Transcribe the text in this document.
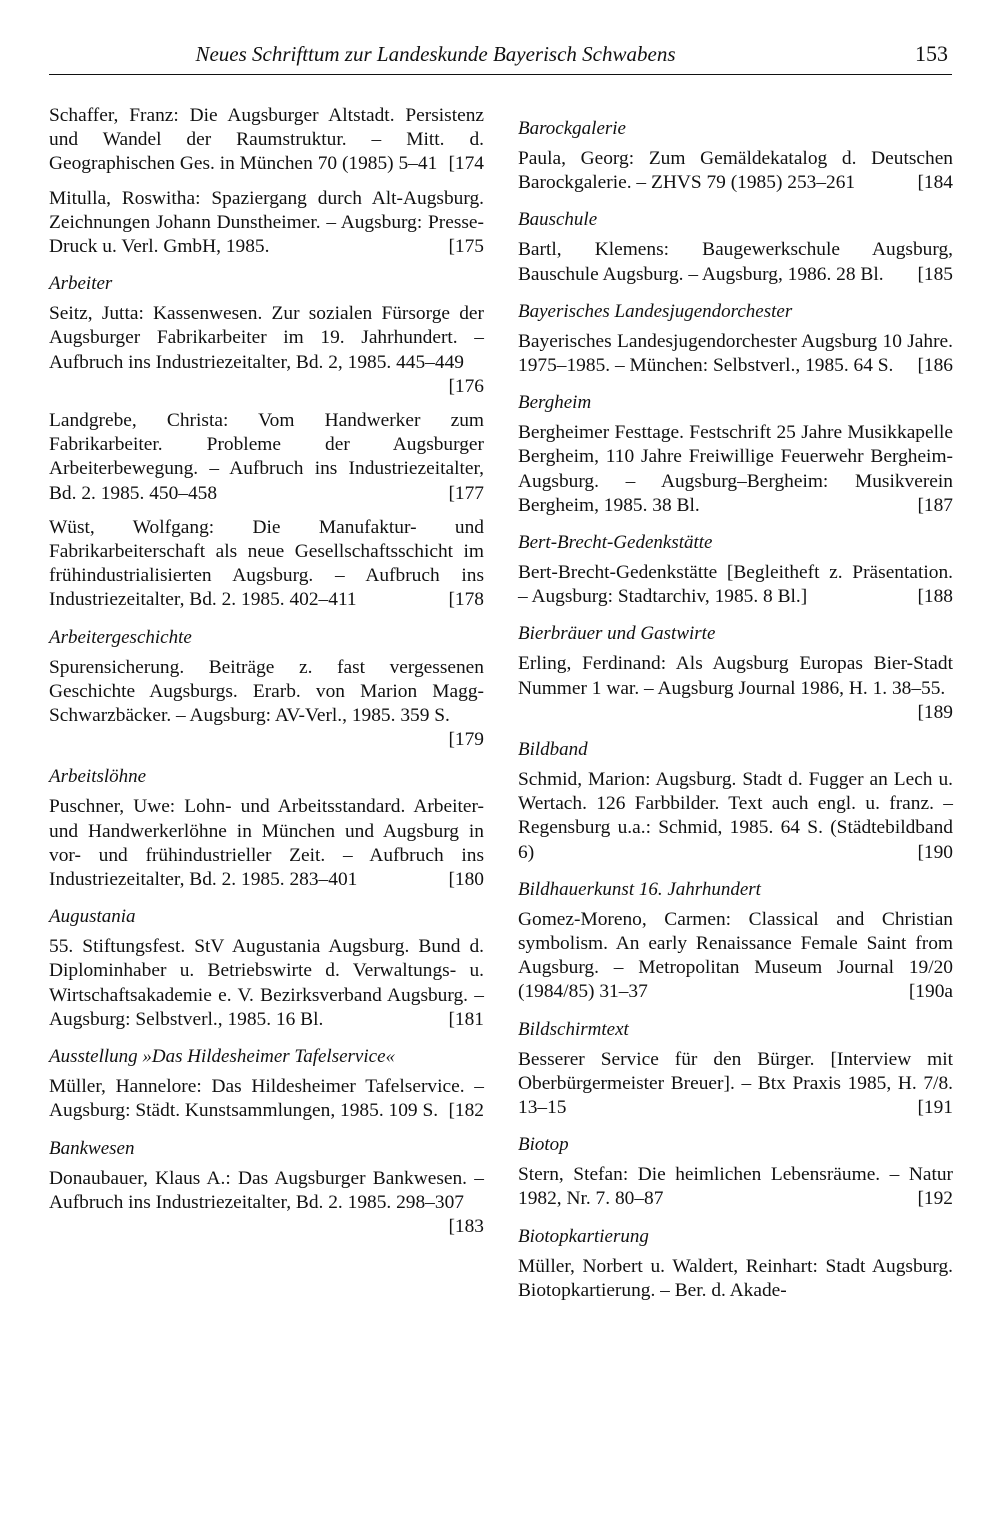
Neues Schrifttum zur Landeskunde Bayerisch Schwabens	153
Schaffer, Franz: Die Augsburger Altstadt. Persistenz und Wandel der Raumstruktur. – Mitt. d. Geographischen Ges. in München 70 (1985) 5–41 [174
Mitulla, Roswitha: Spaziergang durch Alt-Augsburg. Zeichnungen Johann Dunstheimer. – Augsburg: Presse-Druck u. Verl. GmbH, 1985.	[175
Arbeiter
Seitz, Jutta: Kassenwesen. Zur sozialen Fürsorge der Augsburger Fabrikarbeiter im 19. Jahrhundert. – Aufbruch ins Industriezeitalter, Bd. 2, 1985. 445–449
[176
Landgrebe, Christa: Vom Handwerker zum Fabrikarbeiter. Probleme der Augsburger Arbeiterbewegung. – Aufbruch ins Industriezeitalter, Bd. 2. 1985. 450–458	[177
Wüst, Wolfgang: Die Manufaktur- und Fabrikarbeiterschaft als neue Gesellschaftsschicht im frühindustrialisierten Augsburg. – Aufbruch ins Industriezeitalter, Bd. 2. 1985. 402–411	[178
Arbeitergeschichte
Spurensicherung. Beiträge z. fast vergessenen Geschichte Augsburgs. Erarb. von Marion Magg-Schwarzbäcker. – Augsburg: AV-Verl., 1985. 359 S.
[179
Arbeitslöhne
Puschner, Uwe: Lohn- und Arbeitsstandard. Arbeiter- und Handwerkerlöhne in München und Augsburg in vor- und frühindustrieller Zeit. – Aufbruch ins Industriezeitalter, Bd. 2. 1985. 283–401	[180
Augustania
55. Stiftungsfest. StV Augustania Augsburg. Bund d. Diplominhaber u. Betriebswirte d. Verwaltungs- u. Wirtschaftsakademie e. V. Bezirksverband Augsburg. – Augsburg: Selbstverl., 1985. 16 Bl.	[181
Ausstellung »Das Hildesheimer Tafelservice«
Müller, Hannelore: Das Hildesheimer Tafelservice. – Augsburg: Städt. Kunstsammlungen, 1985. 109 S. [182
Bankwesen
Donaubauer, Klaus A.: Das Augsburger Bankwesen. – Aufbruch ins Industriezeitalter, Bd. 2. 1985. 298–307
[183
Barockgalerie
Paula, Georg: Zum Gemäldekatalog d. Deutschen Barockgalerie. – ZHVS 79 (1985) 253–261	[184
Bauschule
Bartl, Klemens: Baugewerkschule Augsburg, Bauschule Augsburg. – Augsburg, 1986. 28 Bl. [185
Bayerisches Landesjugendorchester
Bayerisches Landesjugendorchester Augsburg 10 Jahre. 1975–1985. – München: Selbstverl., 1985. 64 S. [186
Bergheim
Bergheimer Festtage. Festschrift 25 Jahre Musikkapelle Bergheim, 110 Jahre Freiwillige Feuerwehr Bergheim-Augsburg. – Augsburg–Bergheim: Musikverein Bergheim, 1985. 38 Bl.	[187
Bert-Brecht-Gedenkstätte
Bert-Brecht-Gedenkstätte [Begleitheft z. Präsentation. – Augsburg: Stadtarchiv, 1985. 8 Bl.]	[188
Bierbräuer und Gastwirte
Erling, Ferdinand: Als Augsburg Europas Bier-Stadt Nummer 1 war. – Augsburg Journal 1986, H. 1. 38–55.
[189
Bildband
Schmid, Marion: Augsburg. Stadt d. Fugger an Lech u. Wertach. 126 Farbbilder. Text auch engl. u. franz. – Regensburg u.a.: Schmid, 1985. 64 S. (Städtebildband 6)	[190
Bildhauerkunst 16. Jahrhundert
Gomez-Moreno, Carmen: Classical and Christian symbolism. An early Renaissance Female Saint from Augsburg. – Metropolitan Museum Journal 19/20 (1984/85) 31–37	[190a
Bildschirmtext
Besserer Service für den Bürger. [Interview mit Oberbürgermeister Breuer]. – Btx Praxis 1985, H. 7/8. 13–15	[191
Biotop
Stern, Stefan: Die heimlichen Lebensräume. – Natur 1982, Nr. 7. 80–87	[192
Biotopkartierung
Müller, Norbert u. Waldert, Reinhart: Stadt Augsburg. Biotopkartierung. – Ber. d. Akade-
